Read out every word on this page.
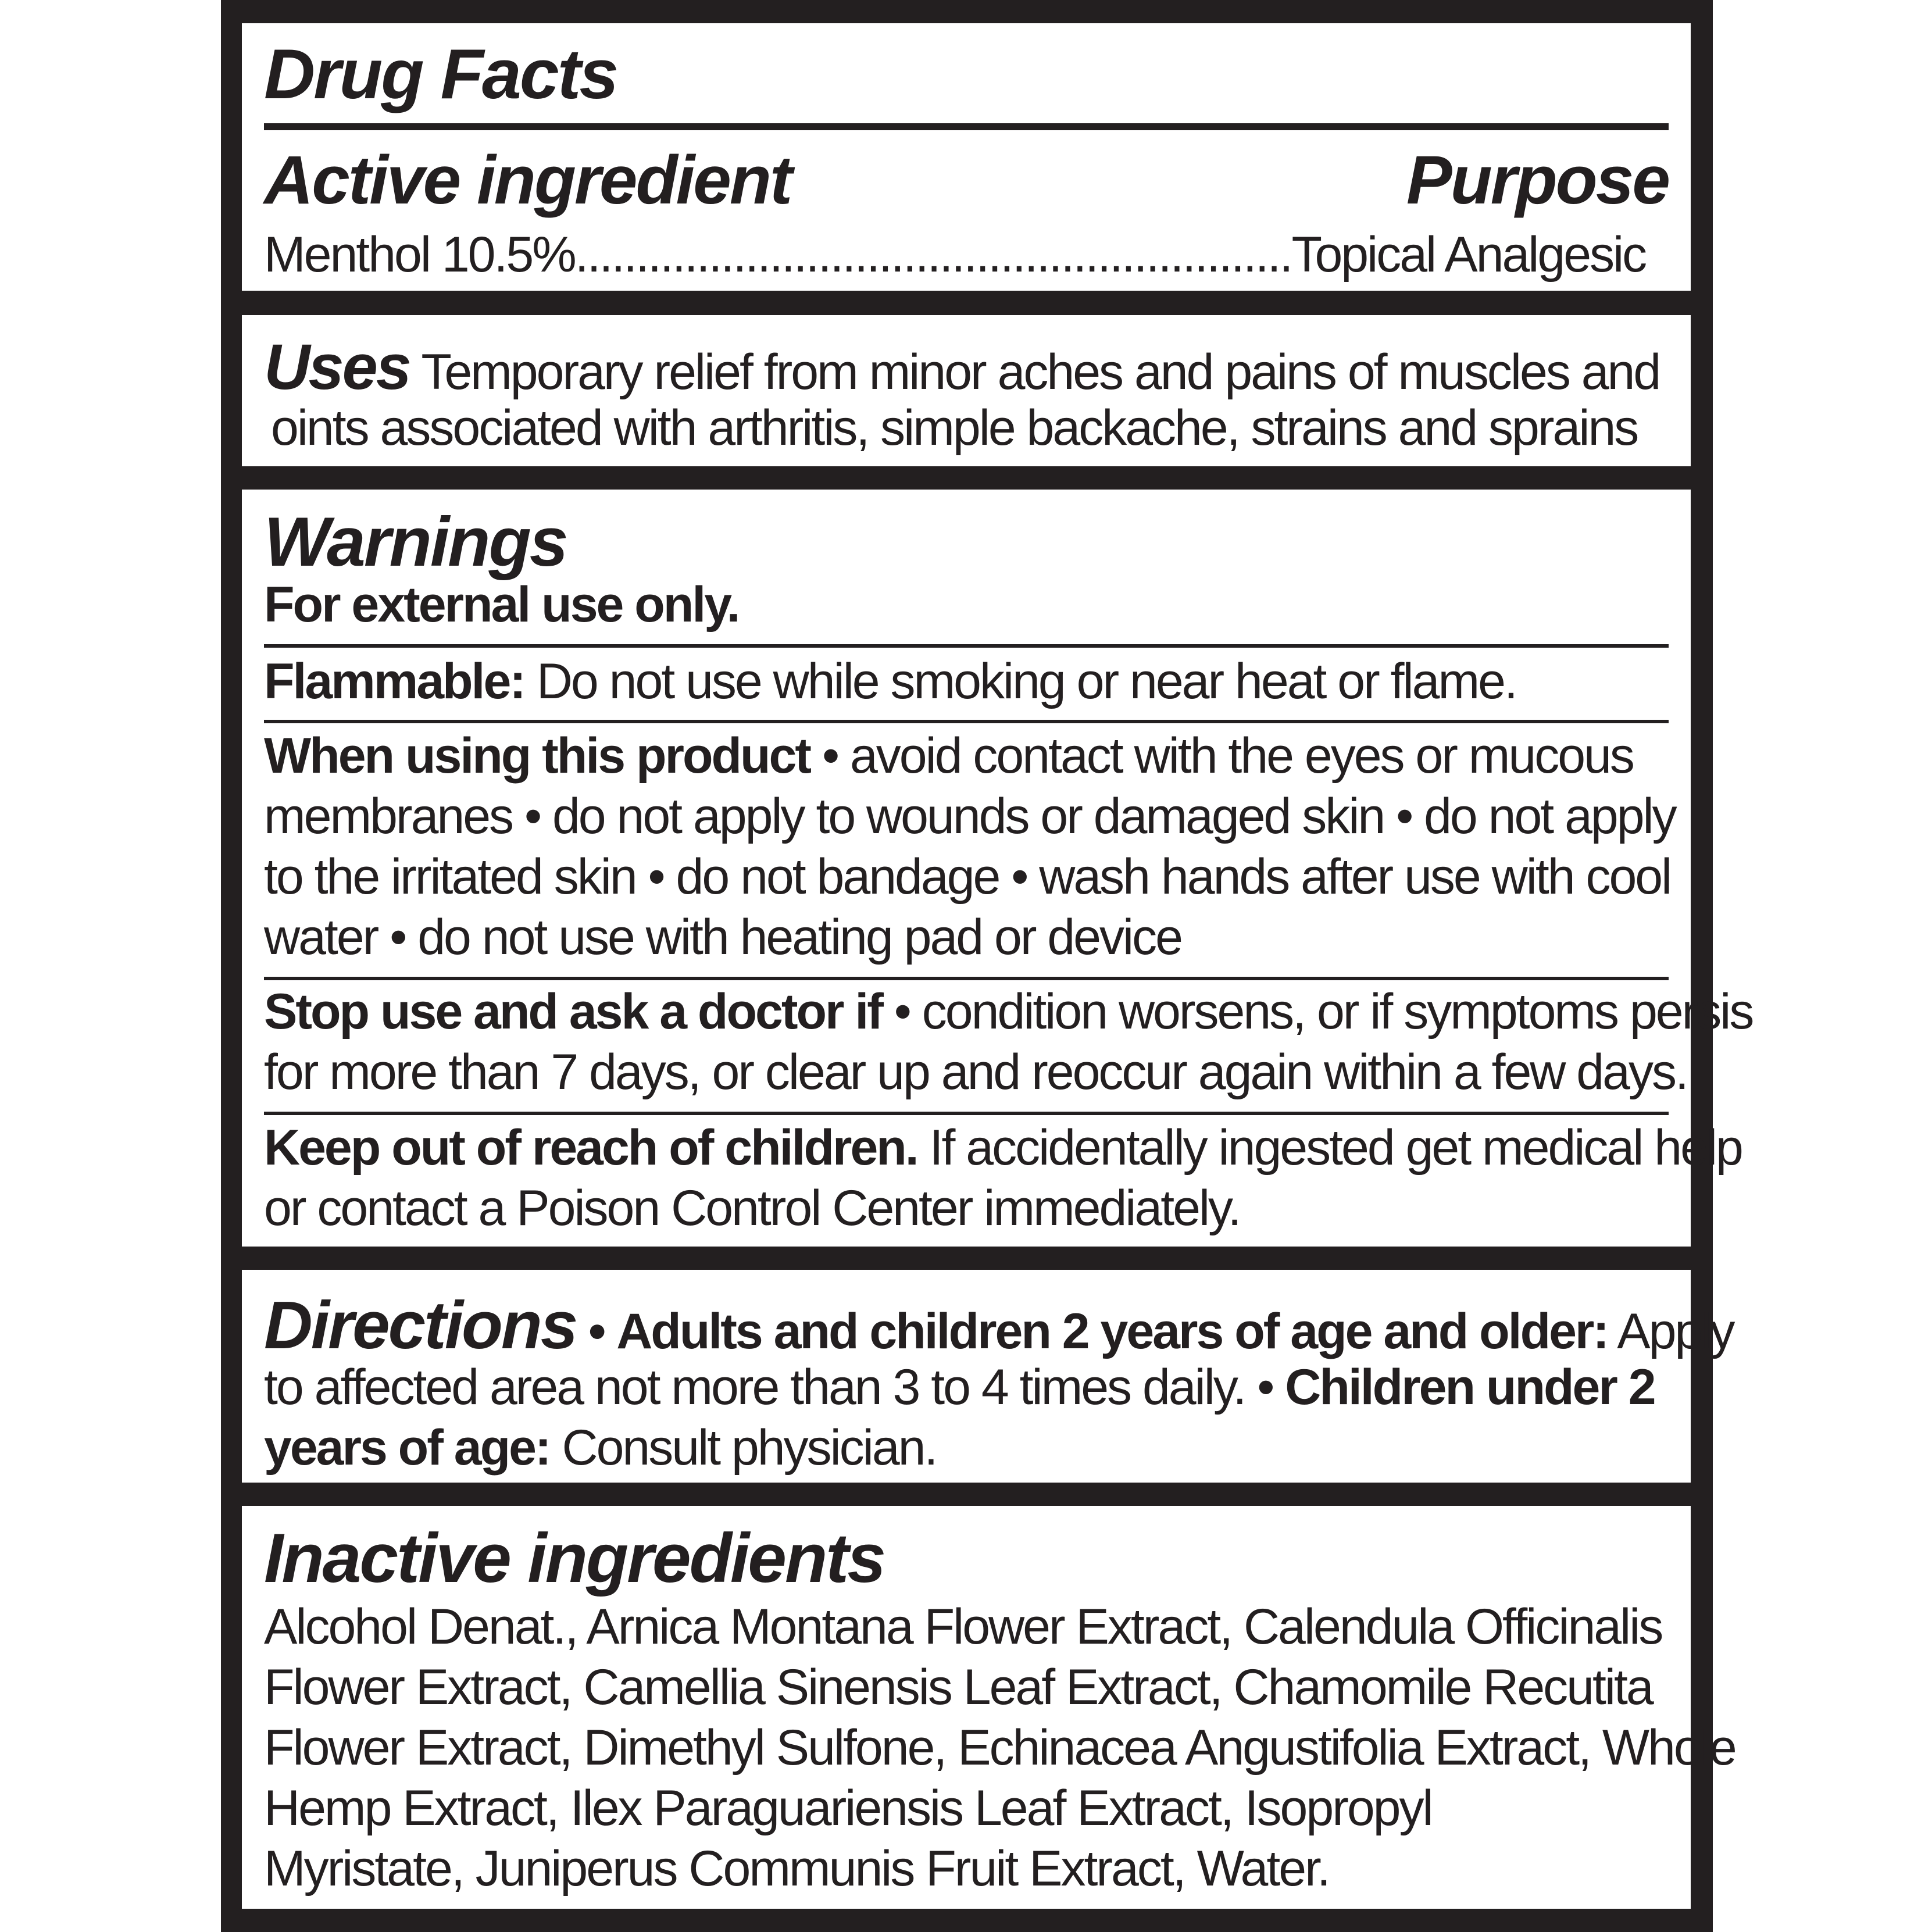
Drug Facts
Active ingredient	Purpose
Menthol 10.5%...........................................................Topical Analgesic
Uses Temporary relief from minor aches and pains of muscles and
oints associated with arthritis, simple backache, strains and sprains
Warnings
For external use only.
Flammable: Do not use while smoking or near heat or flame.
When using this product • avoid contact with the eyes or mucous
membranes • do not apply to wounds or damaged skin • do not apply
to the irritated skin • do not bandage • wash hands after use with cool
water • do not use with heating pad or device
Stop use and ask a doctor if • condition worsens, or if symptoms persis
for more than 7 days, or clear up and reoccur again within a few days.
Keep out of reach of children. If accidentally ingested get medical help
or contact a Poison Control Center immediately.
Directions • Adults and children 2 years of age and older: Apply
to affected area not more than 3 to 4 times daily. • Children under 2
years of age: Consult physician.
Inactive ingredients
Alcohol Denat., Arnica Montana Flower Extract, Calendula Officinalis
Flower Extract, Camellia Sinensis Leaf Extract, Chamomile Recutita
Flower Extract, Dimethyl Sulfone, Echinacea Angustifolia Extract, Whole
Hemp Extract, Ilex Paraguariensis Leaf Extract, Isopropyl
Myristate, Juniperus Communis Fruit Extract, Water.
